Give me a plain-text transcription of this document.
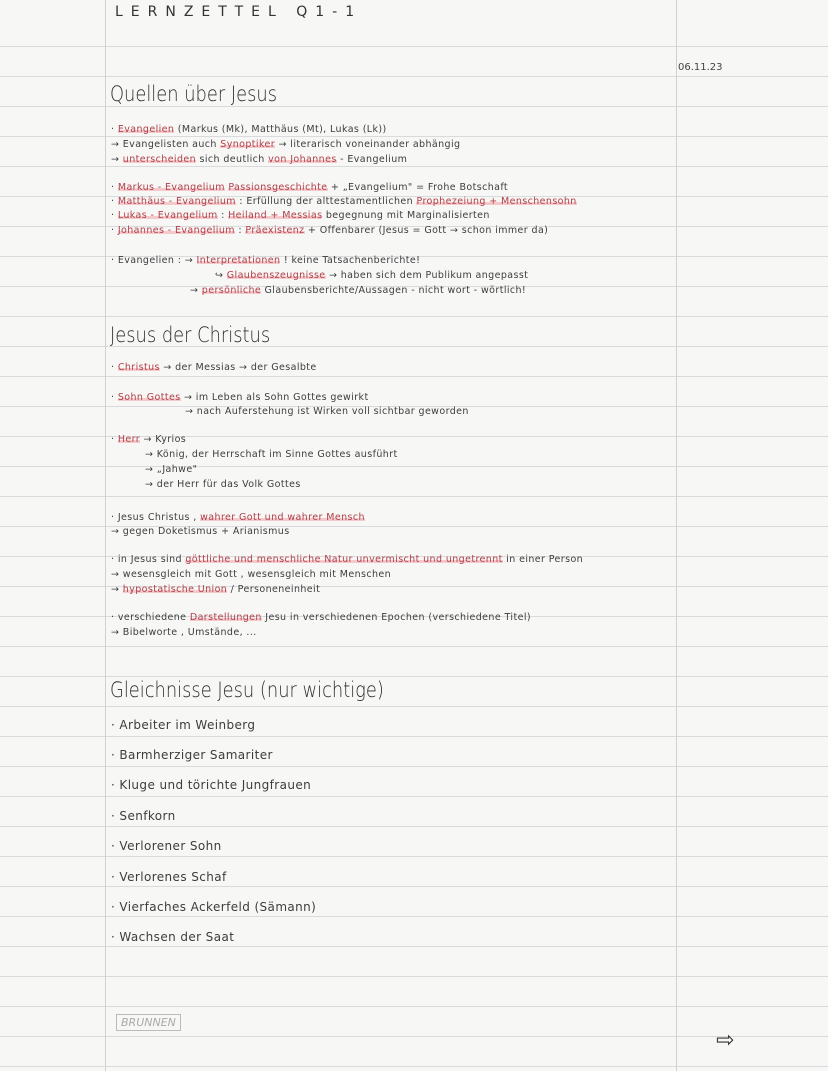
LERNZETTEL Q1-1
06.11.23
Quellen über Jesus
Jesus der Christus
Gleichnisse Jesu (nur wichtige)
· Evangelien (Markus (Mk), Matthäus (Mt), Lukas (Lk))
→ Evangelisten auch Synoptiker → literarisch voneinander abhängig
→ unterscheiden sich deutlich von Johannes - Evangelium
· Markus - Evangelium Passionsgeschichte + „Evangelium" = Frohe Botschaft
· Matthäus - Evangelium : Erfüllung der alttestamentlichen Prophezeiung + Menschensohn
· Lukas - Evangelium : Heiland + Messias begegnung mit Marginalisierten
· Johannes - Evangelium : Präexistenz + Offenbarer (Jesus = Gott → schon immer da)
· Evangelien : → Interpretationen ! keine Tatsachenberichte!
↪ Glaubenszeugnisse → haben sich dem Publikum angepasst
→ persönliche Glaubensberichte/Aussagen - nicht wort - wörtlich!
· Christus → der Messias → der Gesalbte
· Sohn Gottes → im Leben als Sohn Gottes gewirkt
→ nach Auferstehung ist Wirken voll sichtbar geworden
· Herr → Kyrios
→ König, der Herrschaft im Sinne Gottes ausführt
→ „Jahwe"
→ der Herr für das Volk Gottes
· Jesus Christus , wahrer Gott und wahrer Mensch
→ gegen Doketismus + Arianismus
· in Jesus sind göttliche und menschliche Natur unvermischt und ungetrennt in einer Person
→ wesensgleich mit Gott , wesensgleich mit Menschen
→ hypostatische Union / Personeneinheit
· verschiedene Darstellungen Jesu in verschiedenen Epochen (verschiedene Titel)
→ Bibelworte , Umstände, ...
· Arbeiter im Weinberg
· Barmherziger Samariter
· Kluge und törichte Jungfrauen
· Senfkorn
· Verlorener Sohn
· Verlorenes Schaf
· Vierfaches Ackerfeld (Sämann)
· Wachsen der Saat
BRUNNEN
⇨
